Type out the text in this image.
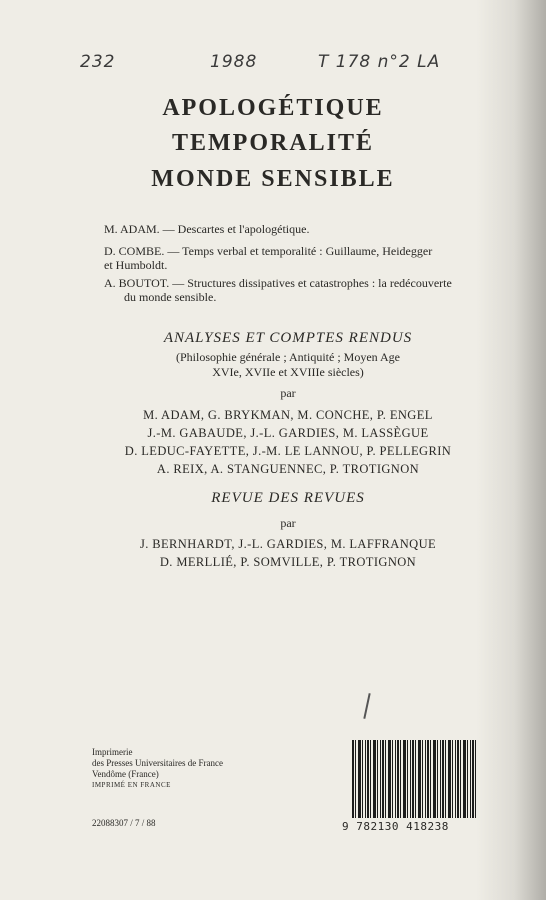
232	1988	T 178 n°2 LA
APOLOGÉTIQUE
TEMPORALITÉ
MONDE SENSIBLE
M. ADAM. — Descartes et l'apologétique.
D. COMBE. — Temps verbal et temporalité : Guillaume, Heidegger
et Humboldt.
A. BOUTOT. — Structures dissipatives et catastrophes : la redécouverte
du monde sensible.
ANALYSES ET COMPTES RENDUS
(Philosophie générale ; Antiquité ; Moyen Age
XVIe, XVIIe et XVIIIe siècles)
par
M. ADAM, G. BRYKMAN, M. CONCHE, P. ENGEL
J.-M. GABAUDE, J.-L. GARDIES, M. LASSÈGUE
D. LEDUC-FAYETTE, J.-M. LE LANNOU, P. PELLEGRIN
A. REIX, A. STANGUENNEC, P. TROTIGNON
REVUE DES REVUES
par
J. BERNHARDT, J.-L. GARDIES, M. LAFFRANQUE
D. MERLLIÉ, P. SOMVILLE, P. TROTIGNON
Imprimerie
des Presses Universitaires de France
Vendôme (France)
IMPRIMÉ EN FRANCE
22088307 / 7 / 88	9 782130 418238
